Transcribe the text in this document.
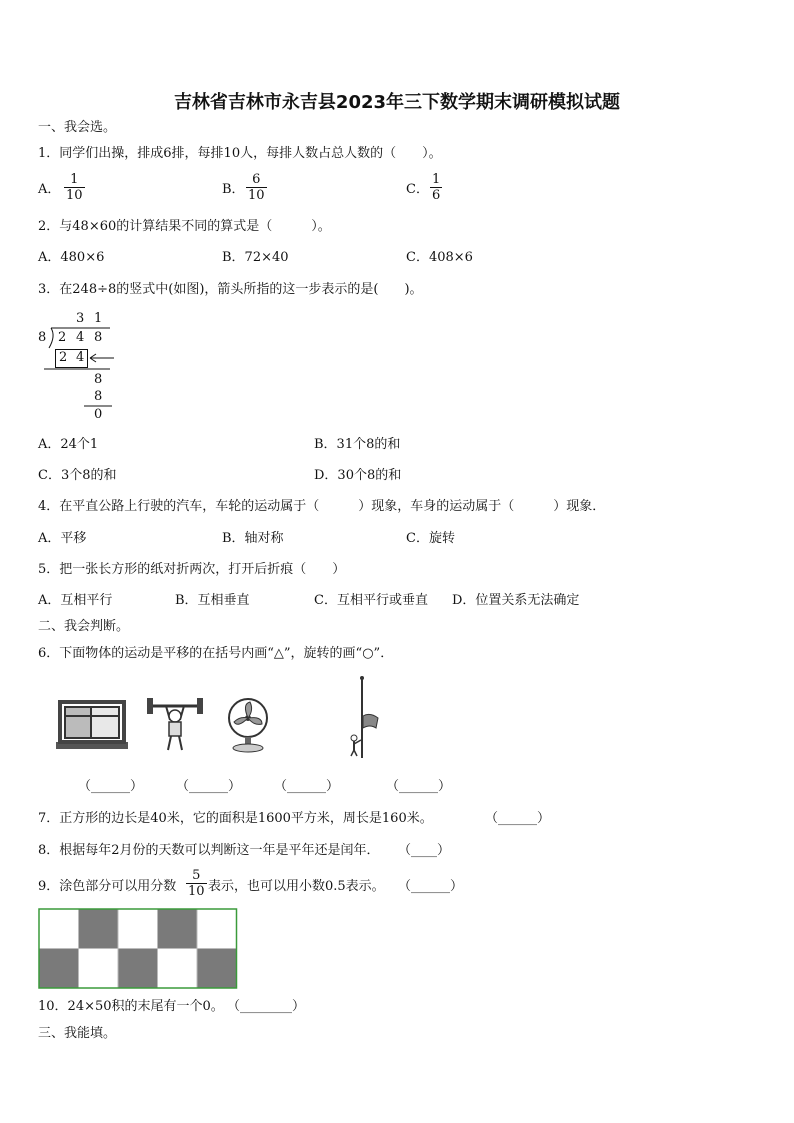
吉林省吉林市永吉县2023年三下数学期末调研模拟试题
一、我会选。
1．同学们出操，排成6排，每排10人，每排人数占总人数的（　　）。
A．
1
10	B．
6
10	C．
1
6
2．与48×60的计算结果不同的算式是（　　　）。
A．480×6	B．72×40	C．408×6
3．在248÷8的竖式中(如图)，箭头所指的这一步表示的是(　　)。
3 1
8 2 4 8
2 4
8
8
0
A．24个1	B．31个8的和
C．3个8的和	D．30个8的和
4．在平直公路上行驶的汽车，车轮的运动属于（　　　）现象，车身的运动属于（　　　）现象．
A．平移	B．轴对称	C．旋转
5．把一张长方形的纸对折两次，打开后折痕（　　）
A．互相平行	B．互相垂直	C．互相平行或垂直 D．位置关系无法确定
二、我会判断。
6．下面物体的运动是平移的在括号内画“△”，旋转的画“○”．
（______）	（______）	（______）	（______）
7．正方形的边长是40米，它的面积是1600平方米，周长是160米。	（______）
8．根据每年2月份的天数可以判断这一年是平年还是闰年． （____）
9．涂色部分可以用分数
5
10 表示，也可以用小数0.5表示。 （______）
10．24×50积的末尾有一个0。 （________）
三、我能填。
